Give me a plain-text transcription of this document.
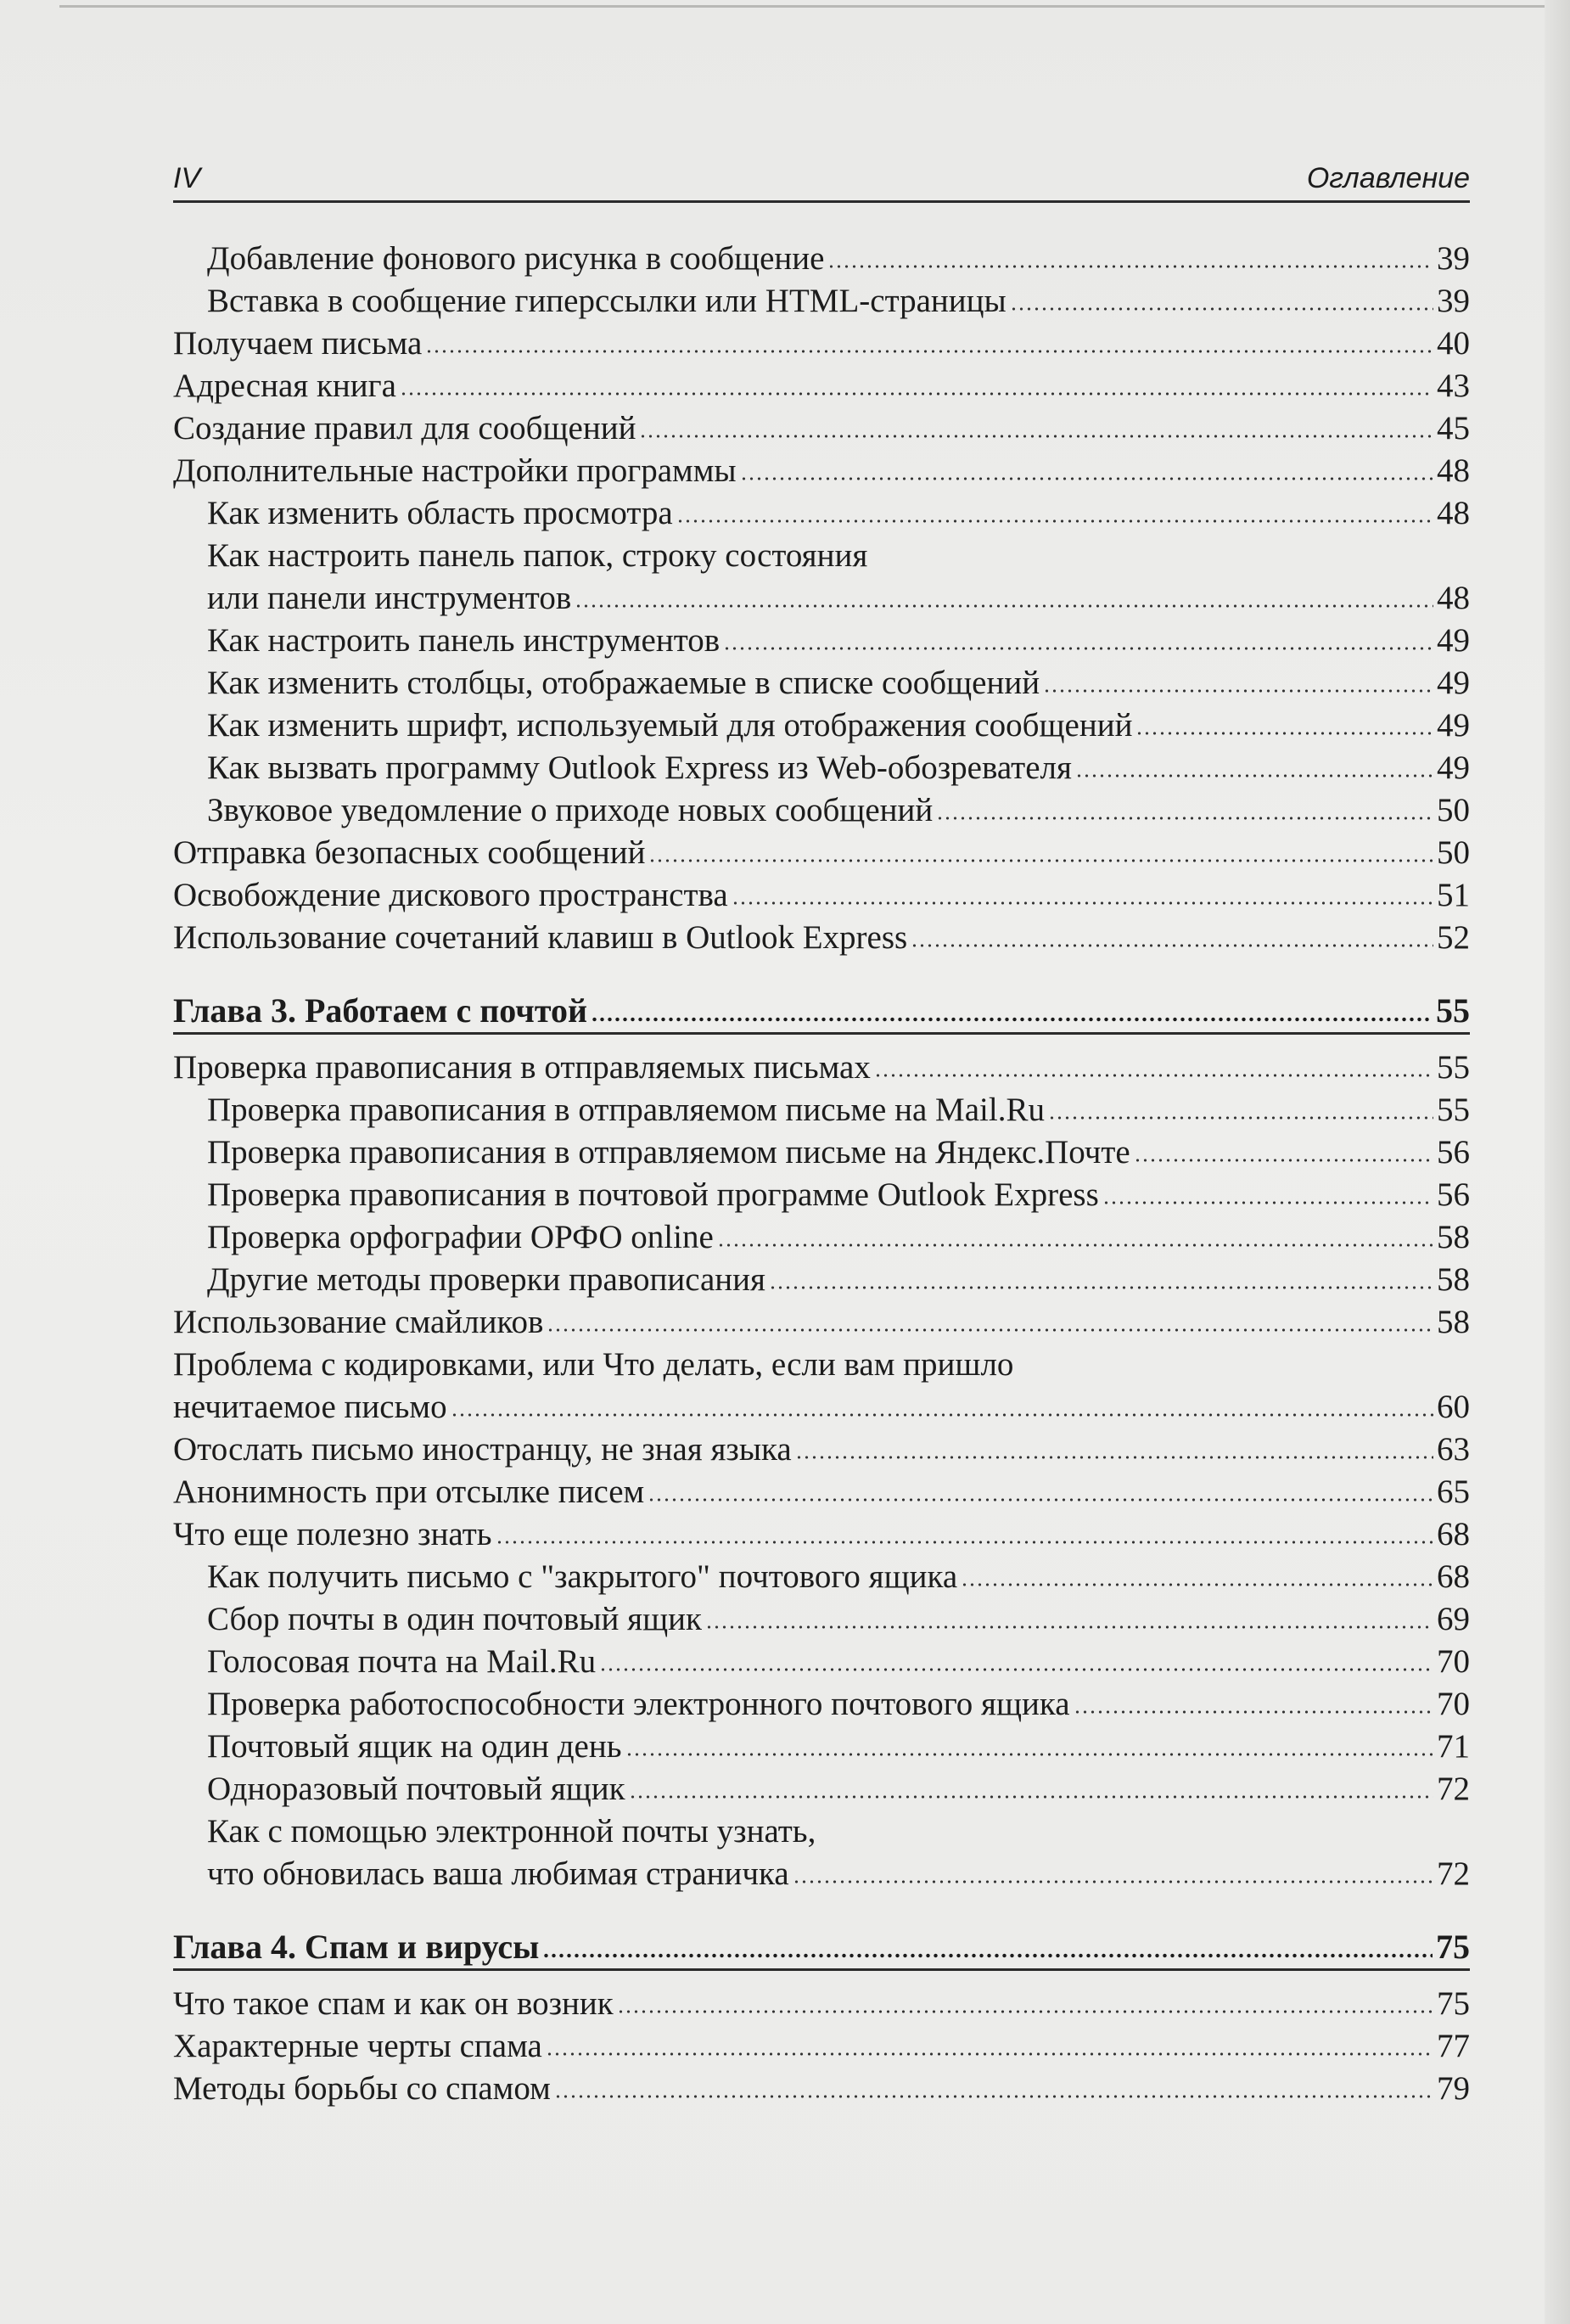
IV	Оглавление
Добавление фонового рисунка в сообщение	39
Вставка в сообщение гиперссылки или HTML-страницы	39
Получаем письма	40
Адресная книга	43
Создание правил для сообщений	45
Дополнительные настройки программы	48
Как изменить область просмотра	48
Как настроить панель папок, строку состояния
или панели инструментов	48
Как настроить панель инструментов	49
Как изменить столбцы, отображаемые в списке сообщений	49
Как изменить шрифт, используемый для отображения сообщений	49
Как вызвать программу Outlook Express из Web-обозревателя	49
Звуковое уведомление о приходе новых сообщений	50
Отправка безопасных сообщений	50
Освобождение дискового пространства	51
Использование сочетаний клавиш в Outlook Express	52
Глава 3. Работаем с почтой	55
Проверка правописания в отправляемых письмах	55
Проверка правописания в отправляемом письме на Mail.Ru	55
Проверка правописания в отправляемом письме на Яндекс.Почте	56
Проверка правописания в почтовой программе Outlook Express	56
Проверка орфографии ОРФО online	58
Другие методы проверки правописания	58
Использование смайликов	58
Проблема с кодировками, или Что делать, если вам пришло
нечитаемое письмо	60
Отослать письмо иностранцу, не зная языка	63
Анонимность при отсылке писем	65
Что еще полезно знать	68
Как получить письмо с "закрытого" почтового ящика	68
Сбор почты в один почтовый ящик	69
Голосовая почта на Mail.Ru	70
Проверка работоспособности электронного почтового ящика	70
Почтовый ящик на один день	71
Одноразовый почтовый ящик	72
Как с помощью электронной почты узнать,
что обновилась ваша любимая страничка	72
Глава 4. Спам и вирусы	75
Что такое спам и как он возник	75
Характерные черты спама	77
Методы борьбы со спамом	79
